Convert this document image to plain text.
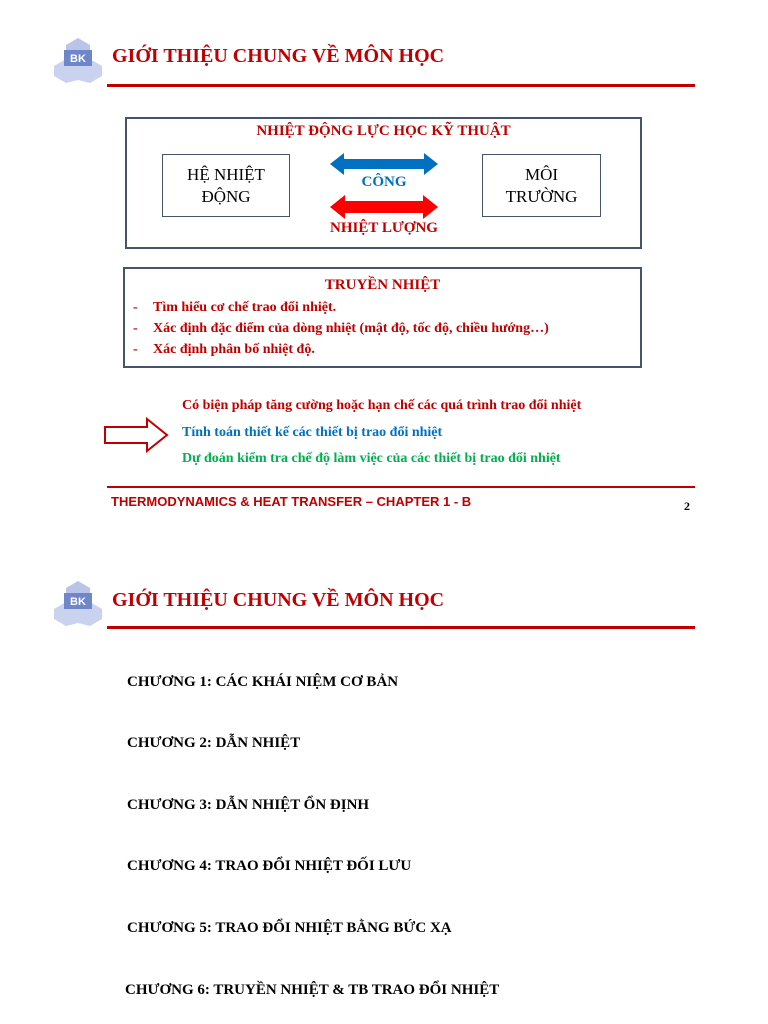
BK GIỚI THIỆU CHUNG VỀ MÔN HỌC
NHIỆT ĐỘNG LỰC HỌC KỸ THUẬT
HỆ NHIỆT
ĐỘNG
MÔI
TRƯỜNG
CÔNG
NHIỆT LƯỢNG
TRUYỀN NHIỆT
- Tìm hiểu cơ chế trao đổi nhiệt.
- Xác định đặc điểm của dòng nhiệt (mật độ, tốc độ, chiều hướng…)
- Xác định phân bố nhiệt độ.
Có biện pháp tăng cường hoặc hạn chế các quá trình trao đổi nhiệt
Tính toán thiết kế các thiết bị trao đổi nhiệt
Dự đoán kiểm tra chế độ làm việc của các thiết bị trao đổi nhiệt
THERMODYNAMICS & HEAT TRANSFER – CHAPTER 1 - B	2
BK GIỚI THIỆU CHUNG VỀ MÔN HỌC
CHƯƠNG 1: CÁC KHÁI NIỆM CƠ BẢN
CHƯƠNG 2: DẪN NHIỆT
CHƯƠNG 3: DẪN NHIỆT ỔN ĐỊNH
CHƯƠNG 4: TRAO ĐỔI NHIỆT ĐỐI LƯU
CHƯƠNG 5: TRAO ĐỔI NHIỆT BẰNG BỨC XẠ
CHƯƠNG 6: TRUYỀN NHIỆT & TB TRAO ĐỔI NHIỆT
